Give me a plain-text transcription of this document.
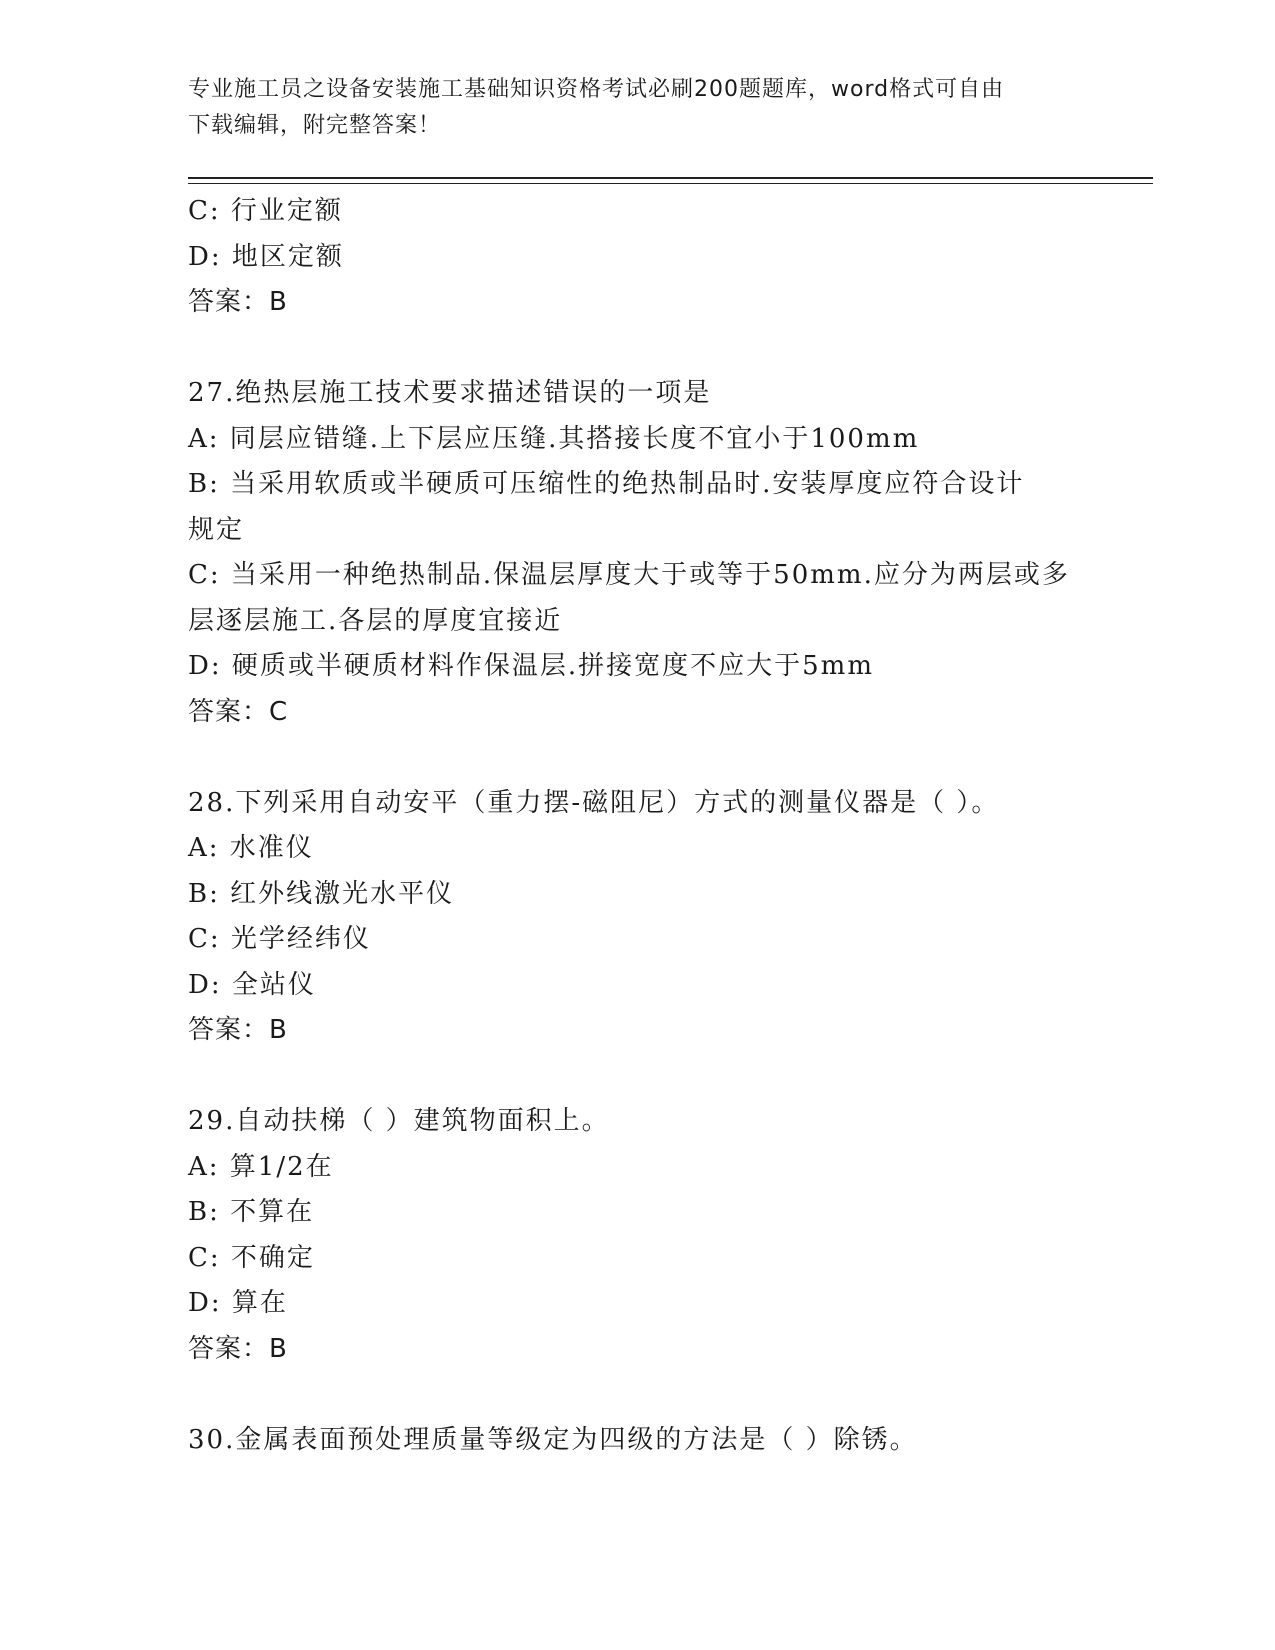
专业施工员之设备安装施工基础知识资格考试必刷200题题库，word格式可自由
下载编辑，附完整答案！
C: 行业定额
D: 地区定额
答案：B
27.绝热层施工技术要求描述错误的一项是
A: 同层应错缝.上下层应压缝.其搭接长度不宜小于100mm
B: 当采用软质或半硬质可压缩性的绝热制品时.安装厚度应符合设计
规定
C: 当采用一种绝热制品.保温层厚度大于或等于50mm.应分为两层或多
层逐层施工.各层的厚度宜接近
D: 硬质或半硬质材料作保温层.拼接宽度不应大于5mm
答案：C
28.下列采用自动安平（重力摆-磁阻尼）方式的测量仪器是（ ）。
A: 水准仪
B: 红外线激光水平仪
C: 光学经纬仪
D: 全站仪
答案：B
29.自动扶梯（ ）建筑物面积上。
A: 算1/2在
B: 不算在
C: 不确定
D: 算在
答案：B
30.金属表面预处理质量等级定为四级的方法是（ ）除锈。
